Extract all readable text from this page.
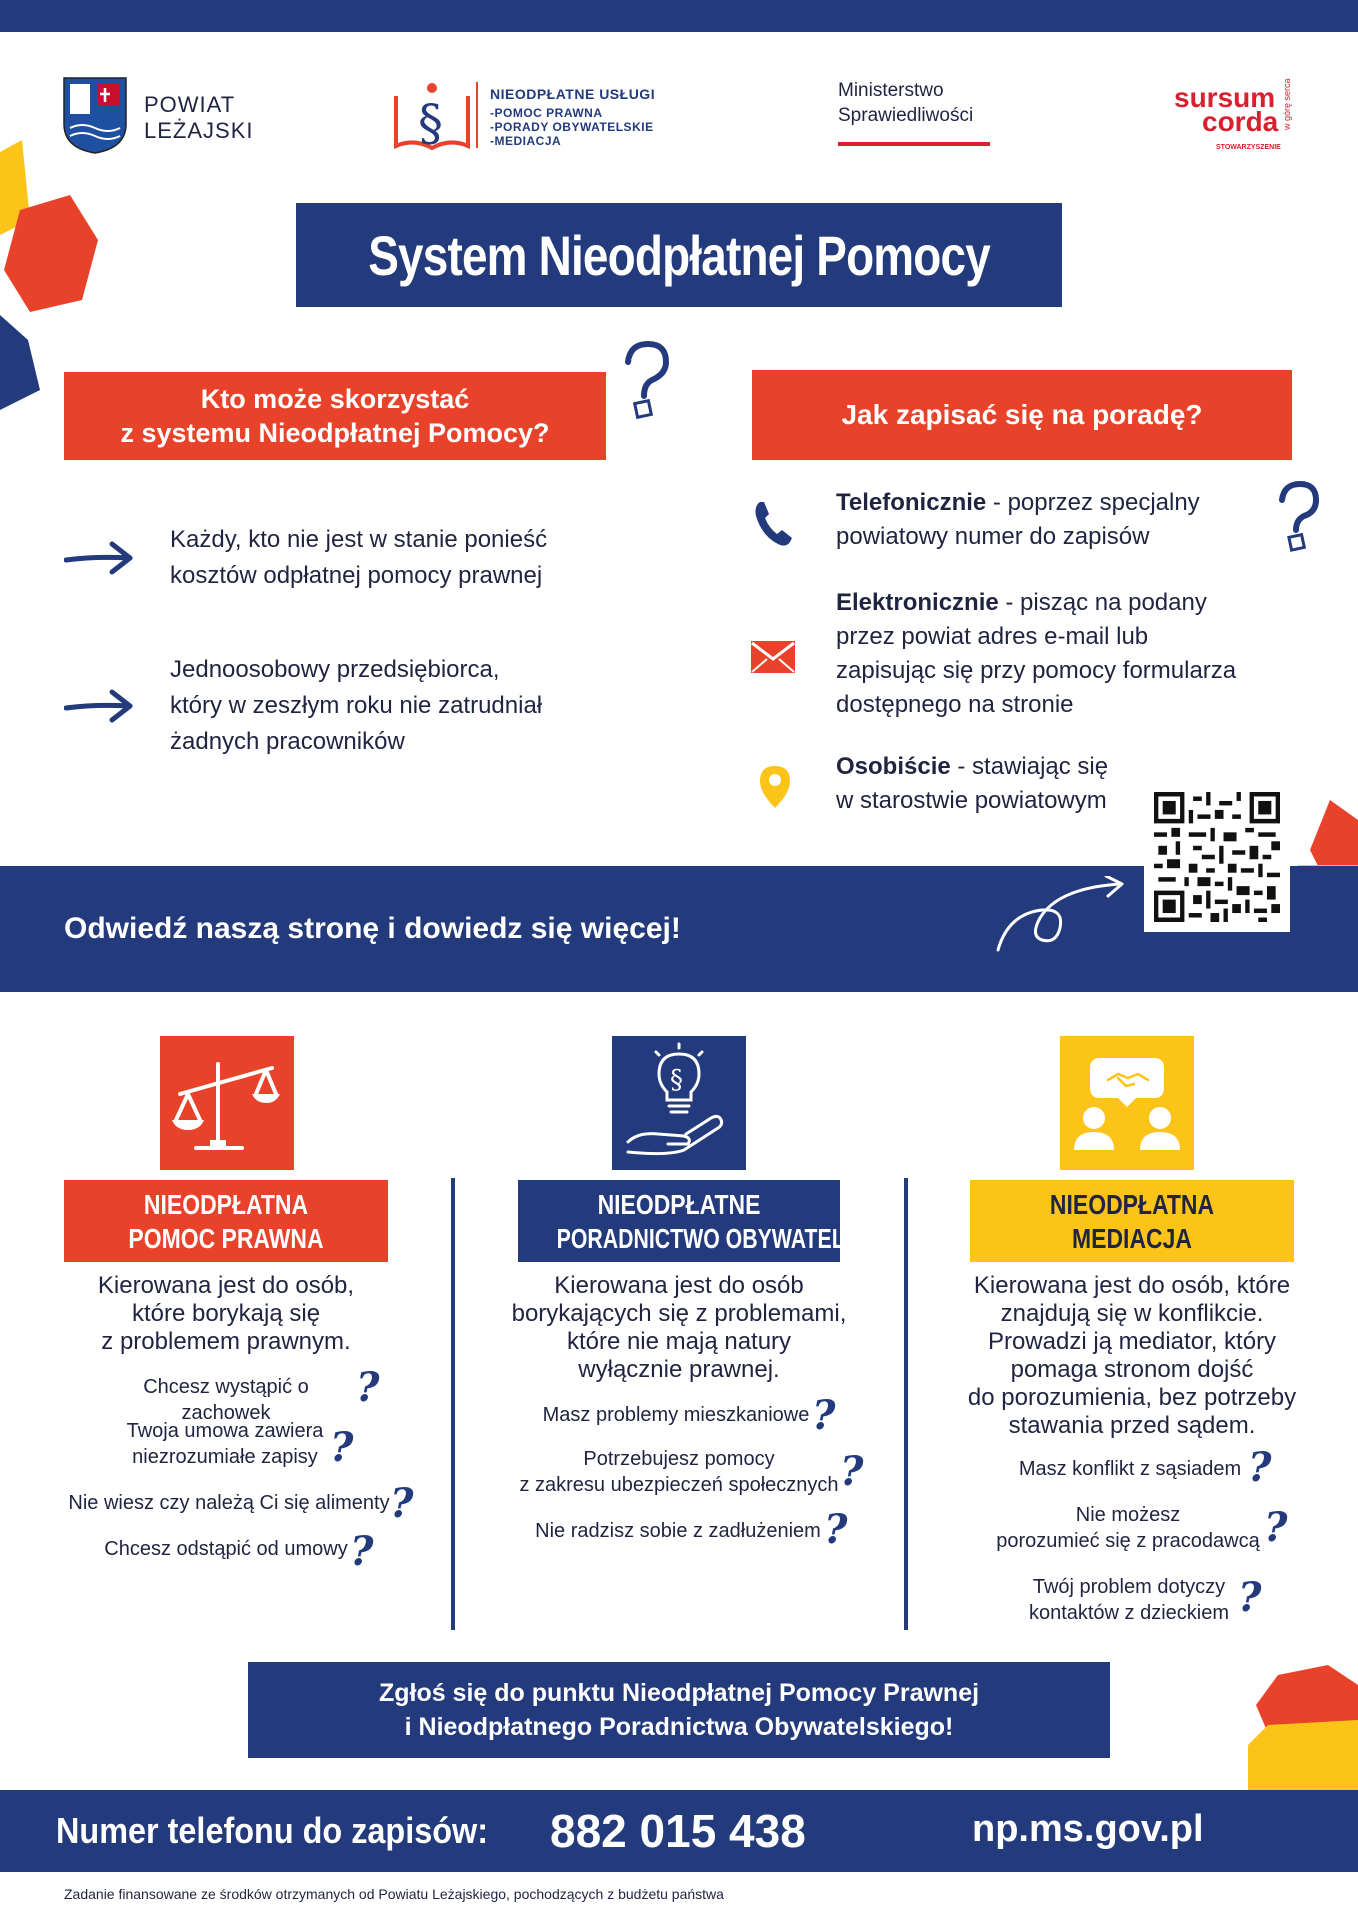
POWIAT
LEŻAJSKI	§	NIEODPŁATNE USŁUGI
-POMOC PRAWNA
-PORADY OBYWATELSKIE
-MEDIACJA
Ministerstwo
Sprawiedliwości
sursum
corda
STOWARZYSZENIE
w górę serca
System Nieodpłatnej Pomocy
Kto może skorzystać
z systemu Nieodpłatnej Pomocy?
Każdy, kto nie jest w stanie ponieść
kosztów odpłatnej pomocy prawnej
Jednoosobowy przedsiębiorca,
który w zeszłym roku nie zatrudniał
żadnych pracowników
Jak zapisać się na poradę?
Telefonicznie - poprzez specjalny
powiatowy numer do zapisów
Elektronicznie - pisząc na podany
przez powiat adres e-mail lub
zapisując się przy pomocy formularza
dostępnego na stronie
Osobiście - stawiając się
w starostwie powiatowym
Odwiedź naszą stronę i dowiedz się więcej!
§
NIEODPŁATNA
POMOC PRAWNA
Kierowana jest do osób,
które borykają się
z problemem prawnym.
Chcesz wystąpić o zachowek
?
Twoja umowa zawiera
niezrozumiałe zapisy ?
Nie wiesz czy należą Ci się alimenty ?
Chcesz odstąpić od umowy ?
NIEODPŁATNE
PORADNICTWO OBYWATELSKIE
Kierowana jest do osób
borykających się z problemami,
które nie mają natury
wyłącznie prawnej.
Masz problemy mieszkaniowe ?
Potrzebujesz pomocy
z zakresu ubezpieczeń społecznych ?
Nie radzisz sobie z zadłużeniem ?
NIEODPŁATNA
MEDIACJA
Kierowana jest do osób, które
znajdują się w konflikcie.
Prowadzi ją mediator, który
pomaga stronom dojść
do porozumienia, bez potrzeby
stawania przed sądem.
Masz konflikt z sąsiadem ?
Nie możesz
porozumieć się z pracodawcą ?
Twój problem dotyczy
kontaktów z dzieckiem ?
Zgłoś się do punktu Nieodpłatnej Pomocy Prawnej
i Nieodpłatnego Poradnictwa Obywatelskiego!
Numer telefonu do zapisów: 882 015 438	np.ms.gov.pl
Zadanie finansowane ze środków otrzymanych od Powiatu Leżajskiego, pochodzących z budżetu państwa
